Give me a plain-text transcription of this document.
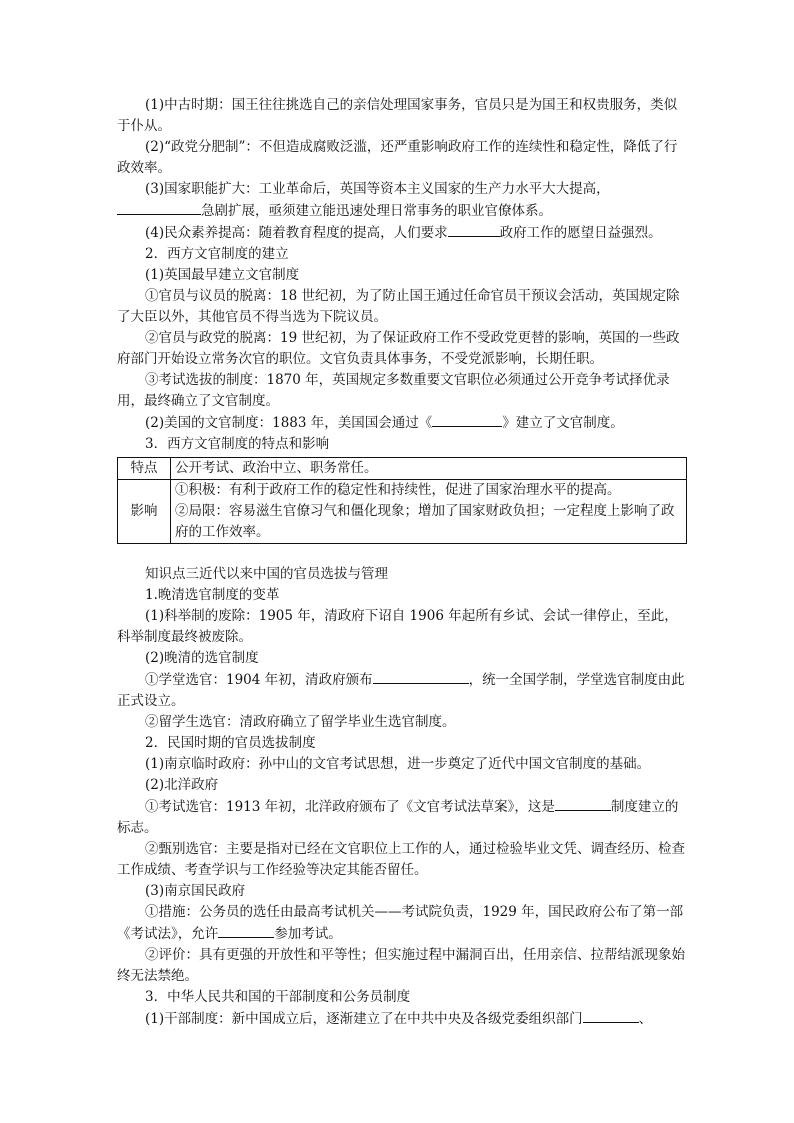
(1)中古时期：国王往往挑选自己的亲信处理国家事务，官员只是为国王和权贵服务，类似于仆从。

(2)“政党分肥制”：不但造成腐败泛滥，还严重影响政府工作的连续性和稳定性，降低了行政效率。

(3)国家职能扩大：工业革命后，英国等资本主义国家的生产力水平大大提高，急剧扩展，亟须建立能迅速处理日常事务的职业官僚体系。

(4)民众素养提高：随着教育程度的提高，人们要求	政府工作的愿望日益强烈。

2．西方文官制度的建立

(1)英国最早建立文官制度

①官员与议员的脱离：18 世纪初，为了防止国王通过任命官员干预议会活动，英国规定除了大臣以外，其他官员不得当选为下院议员。

②官员与政党的脱离：19 世纪初，为了保证政府工作不受政党更替的影响，英国的一些政府部门开始设立常务次官的职位。文官负责具体事务，不受党派影响，长期任职。

③考试选拔的制度：1870 年，英国规定多数重要文官职位必须通过公开竞争考试择优录用，最终确立了文官制度。

(2)美国的文官制度：1883 年，美国国会通过《	》建立了文官制度。

3．西方文官制度的特点和影响

特点	公开考试、政治中立、职务常任。
影响	①积极：有利于政府工作的稳定性和持续性，促进了国家治理水平的提高。
②局限：容易滋生官僚习气和僵化现象；增加了国家财政负担；一定程度上影响了政府的工作效率。

知识点三近代以来中国的官员选拔与管理

1.晚清选官制度的变革

(1)科举制的废除：1905 年，清政府下诏自 1906 年起所有乡试、会试一律停止，至此，科举制度最终被废除。

(2)晚清的选官制度

①学堂选官：1904 年初，清政府颁布	，统一全国学制，学堂选官制度由此正式设立。

②留学生选官：清政府确立了留学毕业生选官制度。

2．民国时期的官员选拔制度

(1)南京临时政府：孙中山的文官考试思想，进一步奠定了近代中国文官制度的基础。

(2)北洋政府

①考试选官：1913 年初，北洋政府颁布了《文官考试法草案》，这是	制度建立的标志。

②甄别选官：主要是指对已经在文官职位上工作的人，通过检验毕业文凭、调查经历、检查工作成绩、考查学识与工作经验等决定其能否留任。

(3)南京国民政府

①措施：公务员的选任由最高考试机关——考试院负责，1929 年，国民政府公布了第一部《考试法》，允许	参加考试。

②评价：具有更强的开放性和平等性；但实施过程中漏洞百出，任用亲信、拉帮结派现象始终无法禁绝。

3．中华人民共和国的干部制度和公务员制度

(1)干部制度：新中国成立后，逐渐建立了在中共中央及各级党委组织部门	、
